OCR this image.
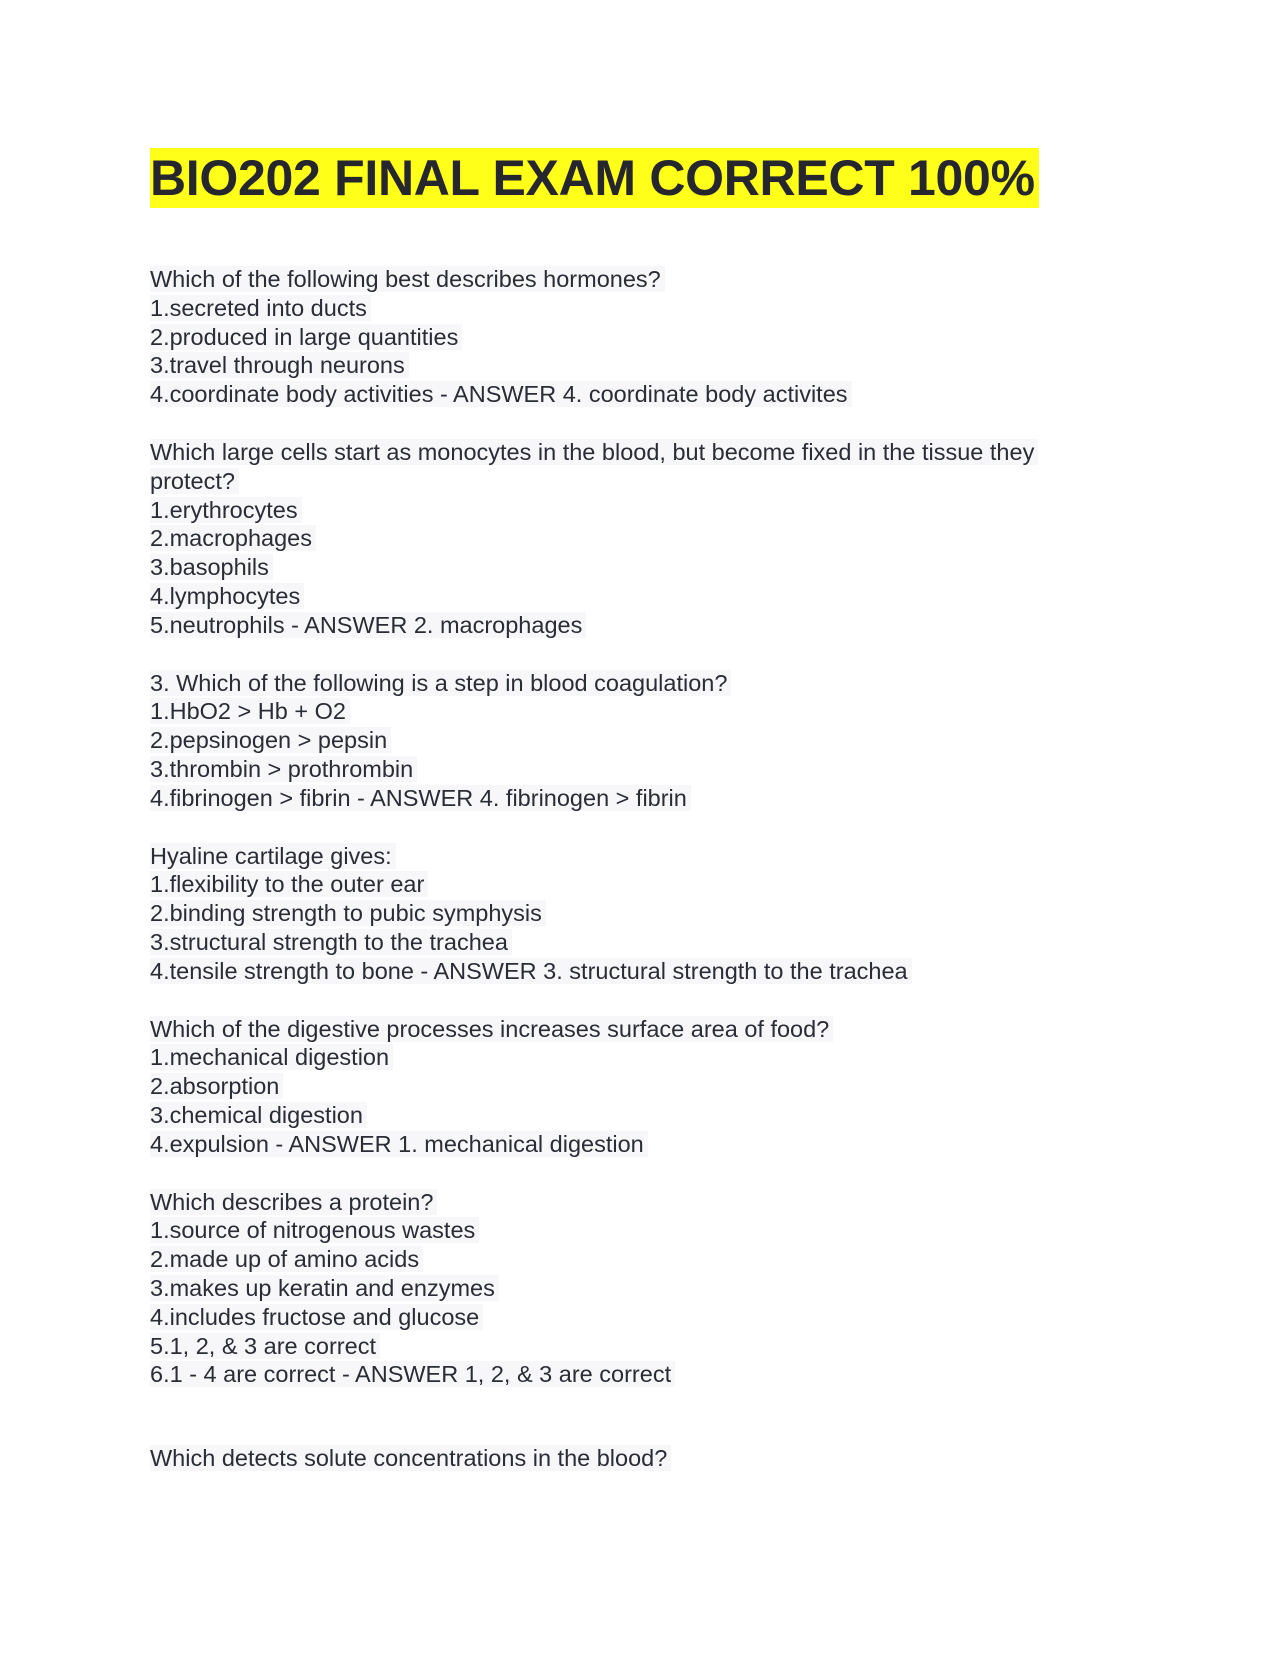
BIO202 FINAL EXAM CORRECT 100%
Which of the following best describes hormones?
1.secreted into ducts
2.produced in large quantities
3.travel through neurons
4.coordinate body activities - ANSWER 4. coordinate body activites
Which large cells start as monocytes in the blood, but become fixed in the tissue they
protect?
1.erythrocytes
2.macrophages
3.basophils
4.lymphocytes
5.neutrophils - ANSWER 2. macrophages
3. Which of the following is a step in blood coagulation?
1.HbO2 > Hb + O2
2.pepsinogen > pepsin
3.thrombin > prothrombin
4.fibrinogen > fibrin - ANSWER 4. fibrinogen > fibrin
Hyaline cartilage gives:
1.flexibility to the outer ear
2.binding strength to pubic symphysis
3.structural strength to the trachea
4.tensile strength to bone - ANSWER 3. structural strength to the trachea
Which of the digestive processes increases surface area of food?
1.mechanical digestion
2.absorption
3.chemical digestion
4.expulsion - ANSWER 1. mechanical digestion
Which describes a protein?
1.source of nitrogenous wastes
2.made up of amino acids
3.makes up keratin and enzymes
4.includes fructose and glucose
5.1, 2, & 3 are correct
6.1 - 4 are correct - ANSWER 1, 2, & 3 are correct
Which detects solute concentrations in the blood?
